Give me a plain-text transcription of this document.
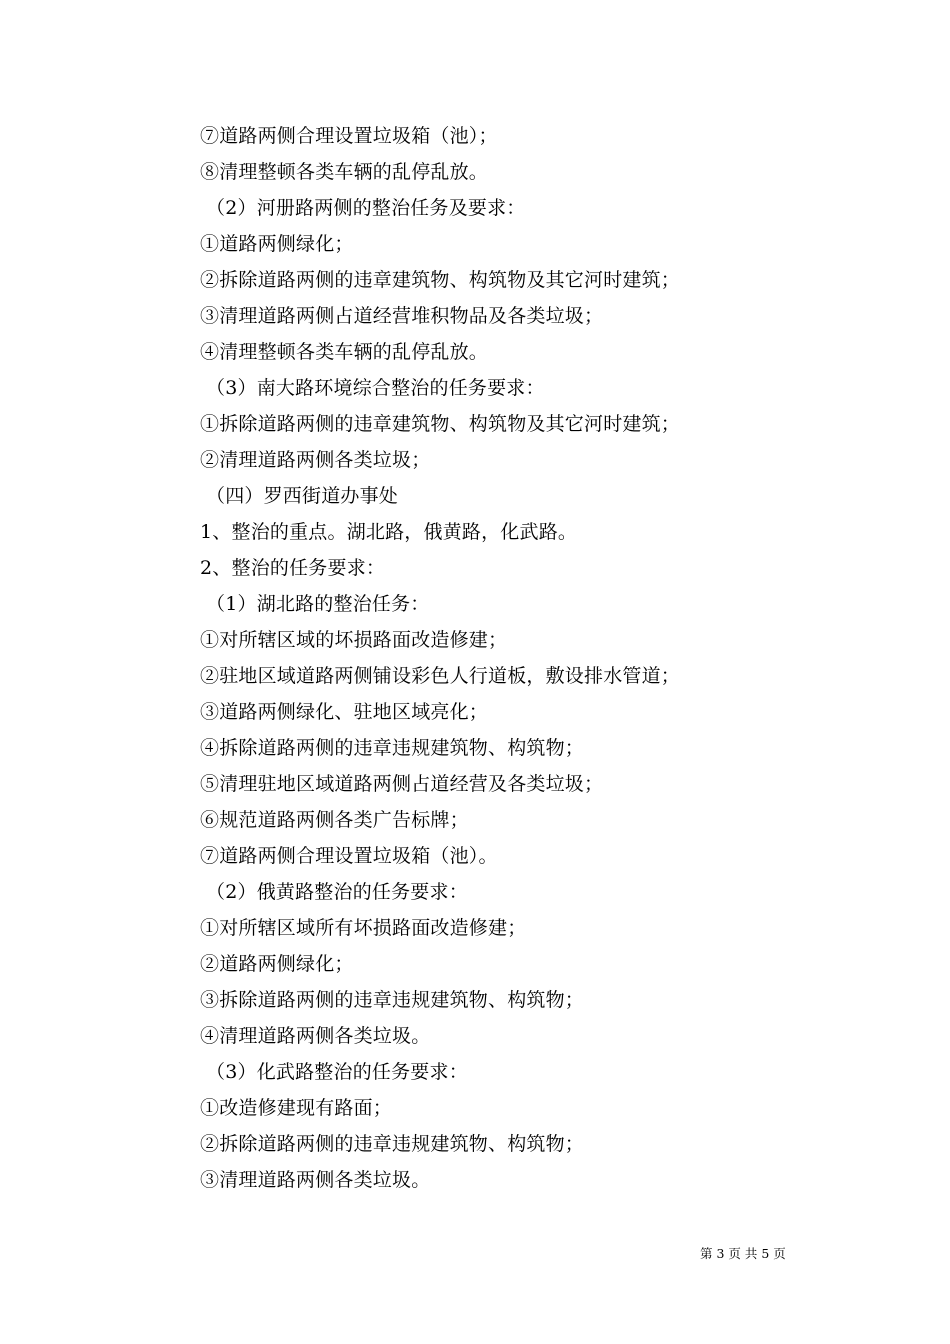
⑦道路两侧合理设置垃圾箱（池）；
⑧清理整顿各类车辆的乱停乱放。
（2）河册路两侧的整治任务及要求：
①道路两侧绿化；
②拆除道路两侧的违章建筑物、构筑物及其它河时建筑；
③清理道路两侧占道经营堆积物品及各类垃圾；
④清理整顿各类车辆的乱停乱放。
（3）南大路环境综合整治的任务要求：
①拆除道路两侧的违章建筑物、构筑物及其它河时建筑；
②清理道路两侧各类垃圾；
（四）罗西街道办事处
1、整治的重点。湖北路，俄黄路，化武路。
2、整治的任务要求：
（1）湖北路的整治任务：
①对所辖区域的坏损路面改造修建；
②驻地区域道路两侧铺设彩色人行道板，敷设排水管道；
③道路两侧绿化、驻地区域亮化；
④拆除道路两侧的违章违规建筑物、构筑物；
⑤清理驻地区域道路两侧占道经营及各类垃圾；
⑥规范道路两侧各类广告标牌；
⑦道路两侧合理设置垃圾箱（池）。
（2）俄黄路整治的任务要求：
①对所辖区域所有坏损路面改造修建；
②道路两侧绿化；
③拆除道路两侧的违章违规建筑物、构筑物；
④清理道路两侧各类垃圾。
（3）化武路整治的任务要求：
①改造修建现有路面；
②拆除道路两侧的违章违规建筑物、构筑物；
③清理道路两侧各类垃圾。
第 3 页 共 5 页
